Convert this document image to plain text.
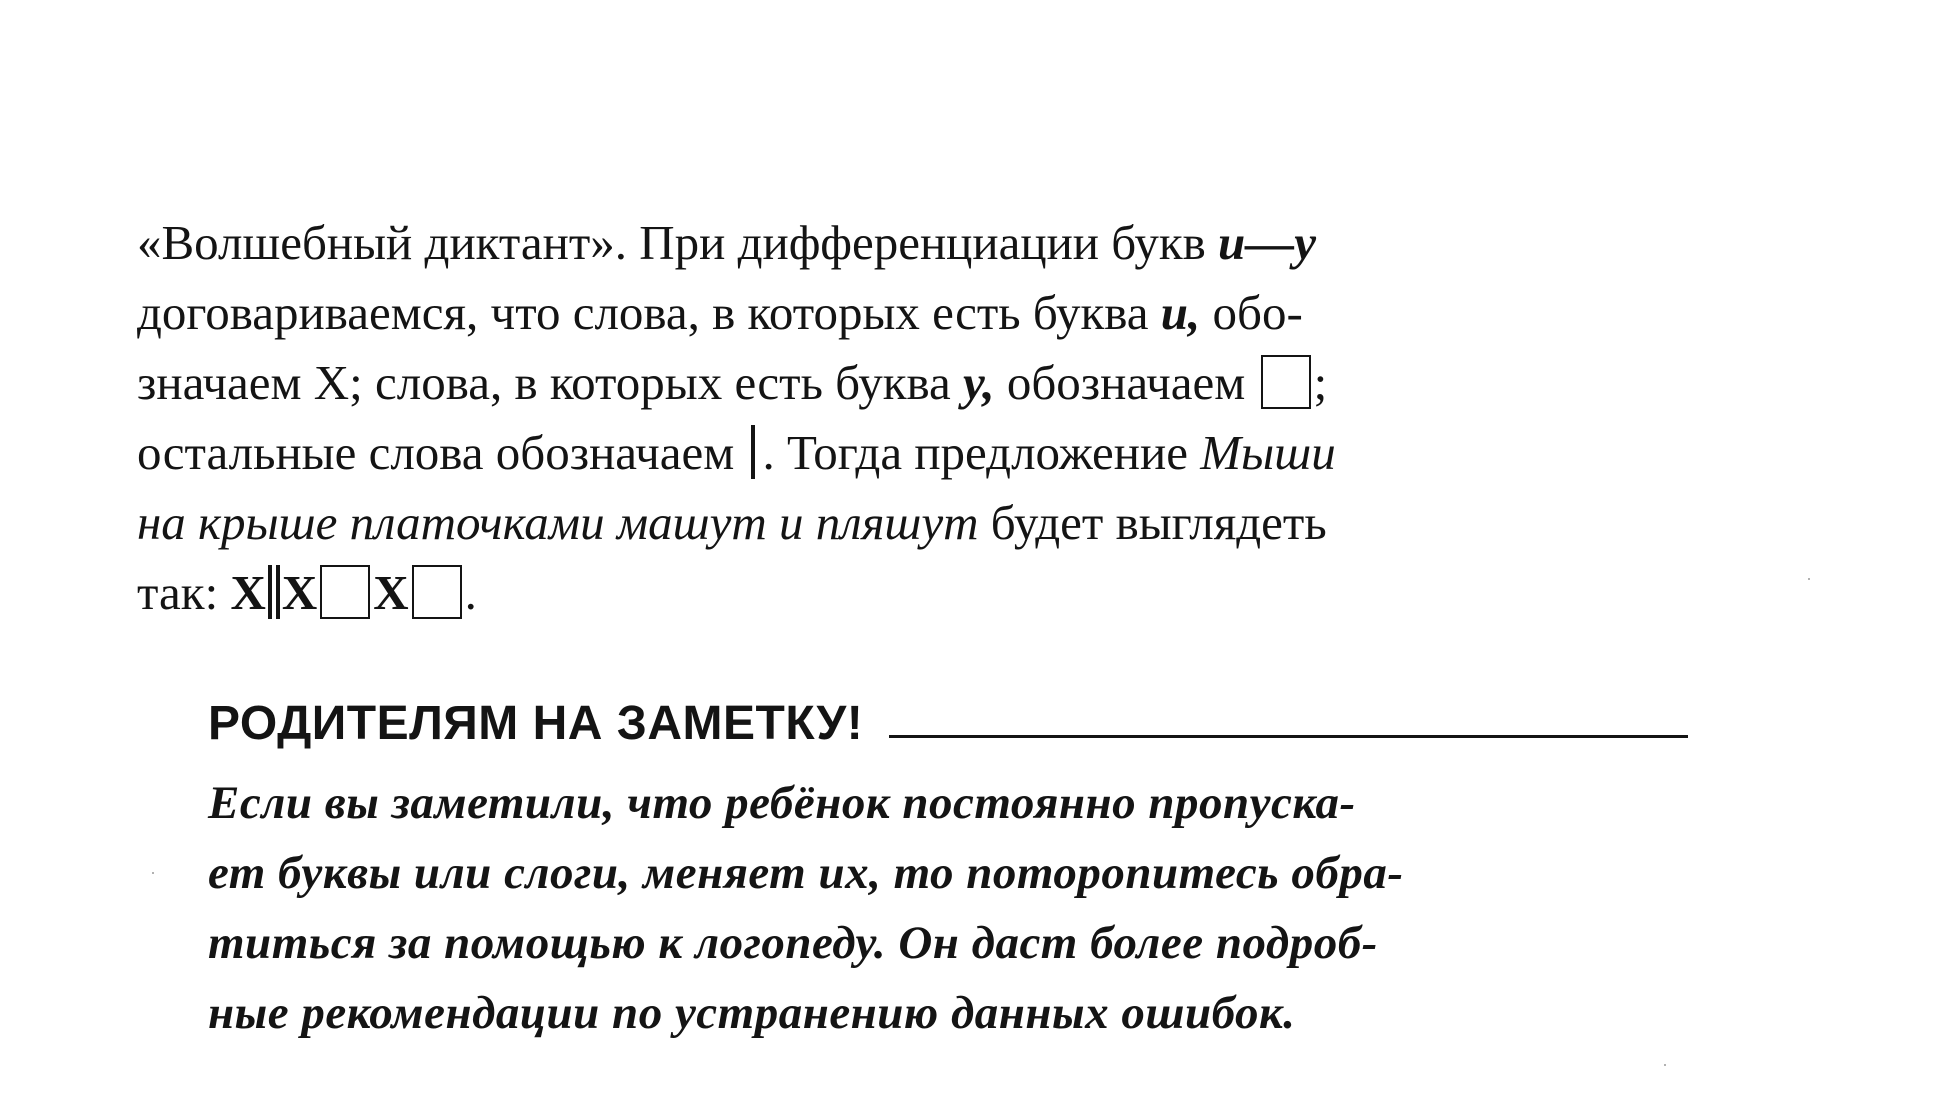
«Волшебный диктант». При дифференциации букв и—у
договариваемся, что слова, в которых есть буква и, обо-
значаем Х; слова, в которых есть буква у, обозначаем ;
остальные слова обозначаем . Тогда предложение Мыши
на крыше платочками машут и пляшут будет выглядеть
так: Х Х Х .
РОДИТЕЛЯМ НА ЗАМЕТКУ!
Если вы заметили, что ребёнок постоянно пропуска-
ет буквы или слоги, меняет их, то поторопитесь обра-
титься за помощью к логопеду. Он даст более подроб-
ные рекомендации по устранению данных ошибок.
